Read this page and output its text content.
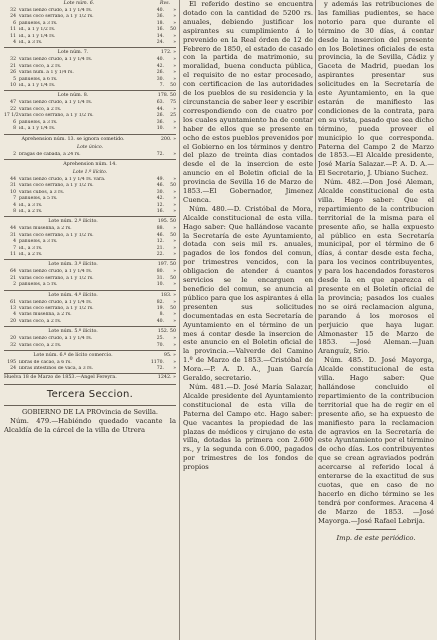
Lote núm. 6.	Rvs.
32 varas lienzo crudo, á 1 y 1/4 rs.	40.	»
24 varas coco serrano, á 1 y 1/2 rs.	36.	»
6 pañuelos, á 3 rs.	18.	»
11 id., á 1 y 1/2 rs.	16.	50
11 id., á 1 y 1/4 rs.	14.	»
4 id., á 3 rs.	24.	»
Lote núm. 7.	172. »
32 varas lienzo crudo, á 1 y 1/4 rs.	40.	»
21 varas coco, á 2 rs.	42.	»
26 varas núm. á 1 y 1/4 rs.	26.	»
5 pañuelos, á 6 rs.	30.	»
10 id., á 1 y 1/4 rs.	7.	50
Lote núm. 8.	178. 50
47 varas lienzo crudo, á 1 y 1/4 rs.	63.	75
22 varas coco, á 2 rs.	44.	»
17 1/2 varas coco serrano, á 1 y 1/2 rs.	26.	25
6 pañuelos, á 3 rs.	36.	»
8 id., á 1 y 1/4 rs.	10.	»
Aprehension núm. 13. se ignora cometido.	200. »
Lote único.
2 bragas de cabada, á 24 rs.	72.	»
Aprehension núm. 14.
Lote 1.º ilícito.
44 varas lienzo crudo, á 1 y 1/4 rs. vara.	49.	»
31 varas coco serrano, á 1 y 1/2 rs.	46.	50
10 varas cubos, á 3 rs.	30.	»
7 pañuelos, á 5 rs.	42.	»
4 id., á 3 rs.	12.	»
8 id., á 2 rs.	16.	»
Lote núm. 2.º ilícito.	195. 50
44 varas muselina, á 2 rs.	88.	»
31 varas coco serrano, á 1 y 1/2 rs.	46.	50
4 pañuelos, á 3 rs.	12.	»
7 id., á 3 rs.	21.	»
11 id., á 2 rs.	22.	»
Lote núm. 3.º ilícito.	197. 50
64 varas lienzo crudo, á 1 y 1/4 rs.	80.	»
21 varas coco serrano, á 1 y 1/2 rs.	31.	50
2 pañuelos, á 5 rs.	10.	»
Lote núm. 4.º ilícito.	183. »
61 varas lienzo crudo, á 1 y 1/4 rs.	82.	»
13 varas coco serrano, á 1 y 1/2 rs.	19.	50
4 varas muselina, á 2 rs.	8.	»
20 varas coco, á 2 rs.	40.	»
Lote núm. 5.º ilícito.	152. 50
20 varas lienzo crudo, á 1 y 1/4 rs.	25.	»
32 varas coco, á 2 rs.	70.	»
Lote núm. 6.º de lícito comercio.	95. »
195 libras de cacao, á 6 rs.	1170.	»
24 libras intestinos de vaca, á 3 rs.	72.	»
Huelva 18 de Marzo de 1853.—Angel Fereyra.	1242. »
Tercera Seccion.
GOBIERNO DE LA PROvincia de Sevilla.

Núm. 479.—Habiéndo quedado vacante la Alcaldía de la cárcel de la villa de Utrera

El referido destino se encuentra dotado con la cantidad de 5200 rs. anuales, debiendo justificar los aspirantes su cumplimiento á lo prevenido en la Real órden de 12 de Febrero de 1850, el estado de casado con la partida de matrimonio, su moralidad, buena conducta pública, el requisito de no estar procesado, con certificacion de las autoridades de los pueblos de su residencia y la circunstancia de saber leer y escribir correspondiendo con de cuatro por los cuales ayuntamiento ha de contar haber de ellos que se presente en ocho de estos pueblos prevenidos por el Gobierno en los términos y dentro del plazo de treinta dias contados desde el de la insercion de este anuncio en el Boletin oficial de la provincia de Sevilla 16 de Marzo de 1853.—El Gobernador, Jimenez Cuenca.

Núm. 480.—D. Cristóbal de Mora, Alcalde constitucional de esta villa. Hago saber: Que hallándose vacante la Secretaría de este Ayuntamiento, dotada con seis mil rs. anuales, pagados de los fondos del comun, por trimestres vencidos, con la obligacion de atender á cuantos servicios se le encarguen en beneficio del comun, se anuncia al público para que los aspirantes á ella presenten sus solicitudes documentadas en esta Secretaría de Ayuntamiento en el término de un mes á contar desde la insercion de este anuncio en el Boletin oficial de la provincia.—Valverde del Camino 1.º de Marzo de 1853.—Cristóbal de Mora.—P. A. D. A., Juan García Geraldo, secretario.

Núm. 481.—D. José María Salazar, Alcalde presidente del Ayuntamiento constitucional de esta villa de Paterna del Campo etc. Hago saber: Que vacantes la propiedad de las plazas de médicos y cirujano de esta villa, dotadas la primera con 2.600 rs., y la segunda con 6.000, pagados por trimestres de los fondos de propios

y además las retribuciones de las familias pudientes, se hace notorio para que durante el término de 30 días, á contar desde la insercion del presente en los Boletines oficiales de esta provincia, la de Sevilla, Cádiz y Gaceta de Madrid, puedan los aspirantes presentar sus solicitudes en la Secretaría de este Ayuntamiento, en la que estarán de manifiesto las condiciones de la contrata, para en su vista, pasado que sea dicho término, pueda proveer el municipio lo que corresponda. Paterna del Campo 2 de Marzo de 1853.—El Alcalde presidente, José María Salazar.—P. A. D. A.—El Secretario, J. Ubiano Suchez.

Núm. 482.—Don José Aleman, Alcalde constitucional de esta villa. Hago saber: Que el repartimiento de la contribucion territorial de la misma para el presente año, se halla expuesto al público en esta Secretaría municipal, por el término de 6 días, á contar desde esta fecha, para los vecinos contribuyentes, y para los hacendados forasteros desde la en que aparezca el presente en el Boletín oficial de la provincia; pasados los cuales no se oirá reclamacion alguna, parando á los morosos el perjuicio que haya lugar. Almonaster 15 de Marzo de 1853. —José Aleman.—Juan Aranguíz, Srio.

Núm. 485. D. José Mayorga, Alcalde constitucional de esta villa. Hago saber: Que hallándose concluido el repartimiento de la contribucion territorial que ha de regir en el presente año, se ha expuesto de manifiesto para la reclamacion de agravios en la Secretaría de este Ayuntamiento por el término de ocho días. Los contribuyentes que se crean agraviados podrán acercarse al referido local á enterarse de la exactitud de sus cuotas, que en caso de no hacerlo en dicho término se les tendrá por conformes. Aracena 4 de Marzo de 1853. —José Mayorga.—José Rafael Lebrija.

Imp. de este periódico.
